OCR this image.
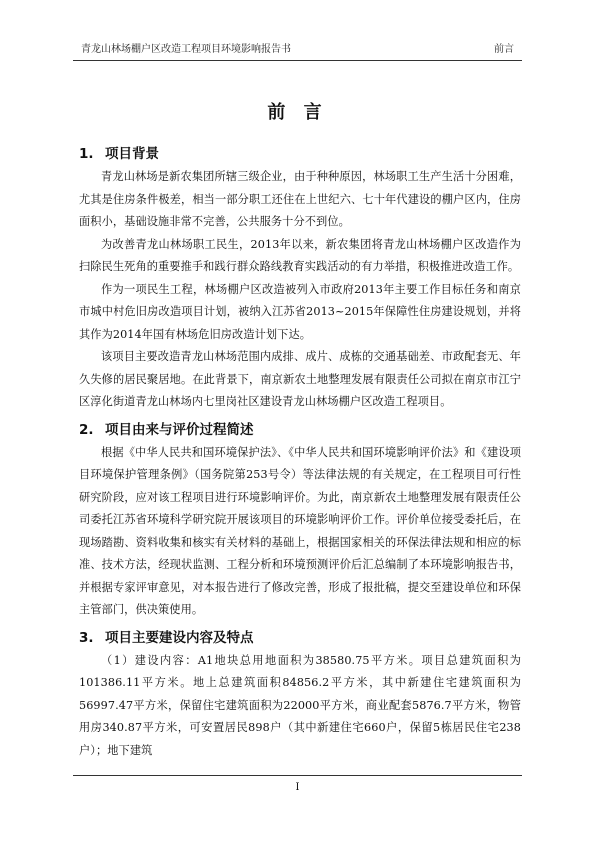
青龙山林场棚户区改造工程项目环境影响报告书	前言
前 言
1. 项目背景

青龙山林场是新农集团所辖三级企业，由于种种原因，林场职工生产生活十分困难，尤其是住房条件极差，相当一部分职工还住在上世纪六、七十年代建设的棚户区内，住房面积小，基础设施非常不完善，公共服务十分不到位。

为改善青龙山林场职工民生，2013年以来，新农集团将青龙山林场棚户区改造作为扫除民生死角的重要推手和践行群众路线教育实践活动的有力举措，积极推进改造工作。

作为一项民生工程，林场棚户区改造被列入市政府2013年主要工作目标任务和南京市城中村危旧房改造项目计划，被纳入江苏省2013~2015年保障性住房建设规划，并将其作为2014年国有林场危旧房改造计划下达。

该项目主要改造青龙山林场范围内成排、成片、成栋的交通基础差、市政配套无、年久失修的居民聚居地。在此背景下，南京新农土地整理发展有限责任公司拟在南京市江宁区淳化街道青龙山林场内七里岗社区建设青龙山林场棚户区改造工程项目。

2. 项目由来与评价过程简述

根据《中华人民共和国环境保护法》、《中华人民共和国环境影响评价法》和《建设项目环境保护管理条例》（国务院第253号令）等法律法规的有关规定，在工程项目可行性研究阶段，应对该工程项目进行环境影响评价。为此，南京新农土地整理发展有限责任公司委托江苏省环境科学研究院开展该项目的环境影响评价工作。评价单位接受委托后，在现场踏勘、资料收集和核实有关材料的基础上，根据国家相关的环保法律法规和相应的标准、技术方法，经现状监测、工程分析和环境预测评价后汇总编制了本环境影响报告书，并根据专家评审意见，对本报告进行了修改完善，形成了报批稿，提交至建设单位和环保主管部门，供决策使用。

3. 项目主要建设内容及特点

（1）建设内容：A1地块总用地面积为38580.75平方米。项目总建筑面积为101386.11平方米。地上总建筑面积84856.2平方米，其中新建住宅建筑面积为56997.47平方米，保留住宅建筑面积为22000平方米，商业配套5876.7平方米，物管用房340.87平方米，可安置居民898户（其中新建住宅660户，保留5栋居民住宅238户）；地下建筑

I
